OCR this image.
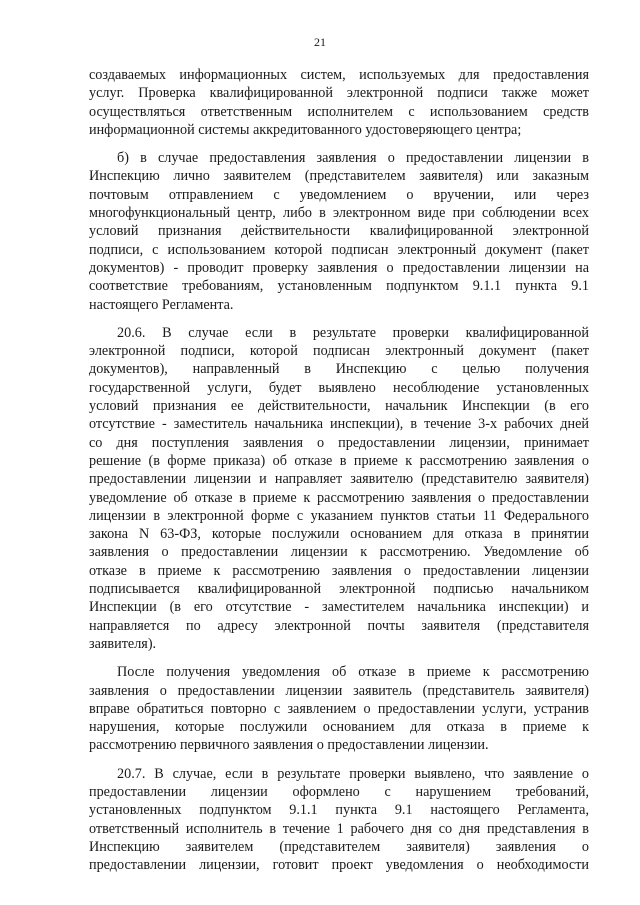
21
создаваемых информационных систем, используемых для предоставления
услуг. Проверка квалифицированной электронной подписи также может
осуществляться ответственным исполнителем с использованием средств
информационной системы аккредитованного удостоверяющего центра;
б) в случае предоставления заявления о предоставлении лицензии в
Инспекцию лично заявителем (представителем заявителя) или заказным
почтовым отправлением с уведомлением о вручении, или через
многофункциональный центр, либо в электронном виде при соблюдении всех
условий признания действительности квалифицированной электронной
подписи, с использованием которой подписан электронный документ (пакет
документов) - проводит проверку заявления о предоставлении лицензии на
соответствие требованиям, установленным подпунктом 9.1.1 пункта 9.1
настоящего Регламента.
20.6. В случае если в результате проверки квалифицированной
электронной подписи, которой подписан электронный документ (пакет
документов), направленный в Инспекцию с целью получения
государственной услуги, будет выявлено несоблюдение установленных
условий признания ее действительности, начальник Инспекции (в его
отсутствие - заместитель начальника инспекции), в течение 3-х рабочих дней
со дня поступления заявления о предоставлении лицензии, принимает
решение (в форме приказа) об отказе в приеме к рассмотрению заявления о
предоставлении лицензии и направляет заявителю (представителю заявителя)
уведомление об отказе в приеме к рассмотрению заявления о предоставлении
лицензии в электронной форме с указанием пунктов статьи 11 Федерального
закона N 63-ФЗ, которые послужили основанием для отказа в принятии
заявления о предоставлении лицензии к рассмотрению. Уведомление об
отказе в приеме к рассмотрению заявления о предоставлении лицензии
подписывается квалифицированной электронной подписью начальником
Инспекции (в его отсутствие - заместителем начальника инспекции) и
направляется по адресу электронной почты заявителя (представителя
заявителя).
После получения уведомления об отказе в приеме к рассмотрению
заявления о предоставлении лицензии заявитель (представитель заявителя)
вправе обратиться повторно с заявлением о предоставлении услуги, устранив
нарушения, которые послужили основанием для отказа в приеме к
рассмотрению первичного заявления о предоставлении лицензии.
20.7. В случае, если в результате проверки выявлено, что заявление о
предоставлении лицензии оформлено с нарушением требований,
установленных подпунктом 9.1.1 пункта 9.1 настоящего Регламента,
ответственный исполнитель в течение 1 рабочего дня со дня представления в
Инспекцию заявителем (представителем заявителя) заявления о
предоставлении лицензии, готовит проект уведомления о необходимости
